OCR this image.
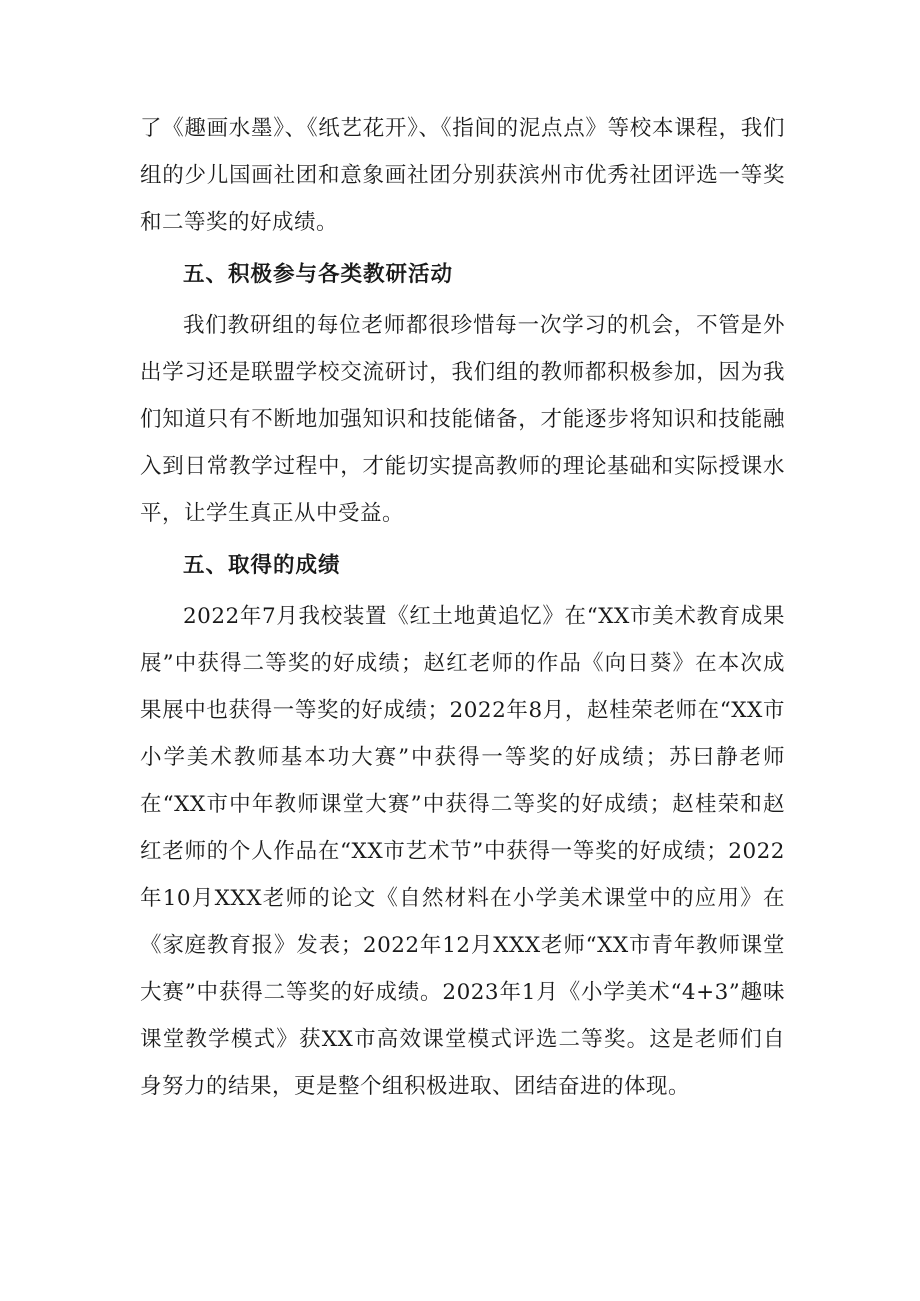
了《趣画水墨》、《纸艺花开》、《指间的泥点点》等校本课程，我们组的少儿国画社团和意象画社团分别获滨州市优秀社团评选一等奖和二等奖的好成绩。

五、积极参与各类教研活动

我们教研组的每位老师都很珍惜每一次学习的机会，不管是外出学习还是联盟学校交流研讨，我们组的教师都积极参加，因为我们知道只有不断地加强知识和技能储备，才能逐步将知识和技能融入到日常教学过程中，才能切实提高教师的理论基础和实际授课水平，让学生真正从中受益。

五、取得的成绩

2022年7月我校装置《红土地黄追忆》在“XX市美术教育成果展”中获得二等奖的好成绩；赵红老师的作品《向日葵》在本次成果展中也获得一等奖的好成绩；2022年8月，赵桂荣老师在“XX市小学美术教师基本功大赛”中获得一等奖的好成绩；苏曰静老师在“XX市中年教师课堂大赛”中获得二等奖的好成绩；赵桂荣和赵红老师的个人作品在“XX市艺术节”中获得一等奖的好成绩；2022年10月XXX老师的论文《自然材料在小学美术课堂中的应用》在《家庭教育报》发表；2022年12月XXX老师“XX市青年教师课堂大赛”中获得二等奖的好成绩。2023年1月《小学美术“4+3”趣味课堂教学模式》获XX市高效课堂模式评选二等奖。这是老师们自身努力的结果，更是整个组积极进取、团结奋进的体现。
